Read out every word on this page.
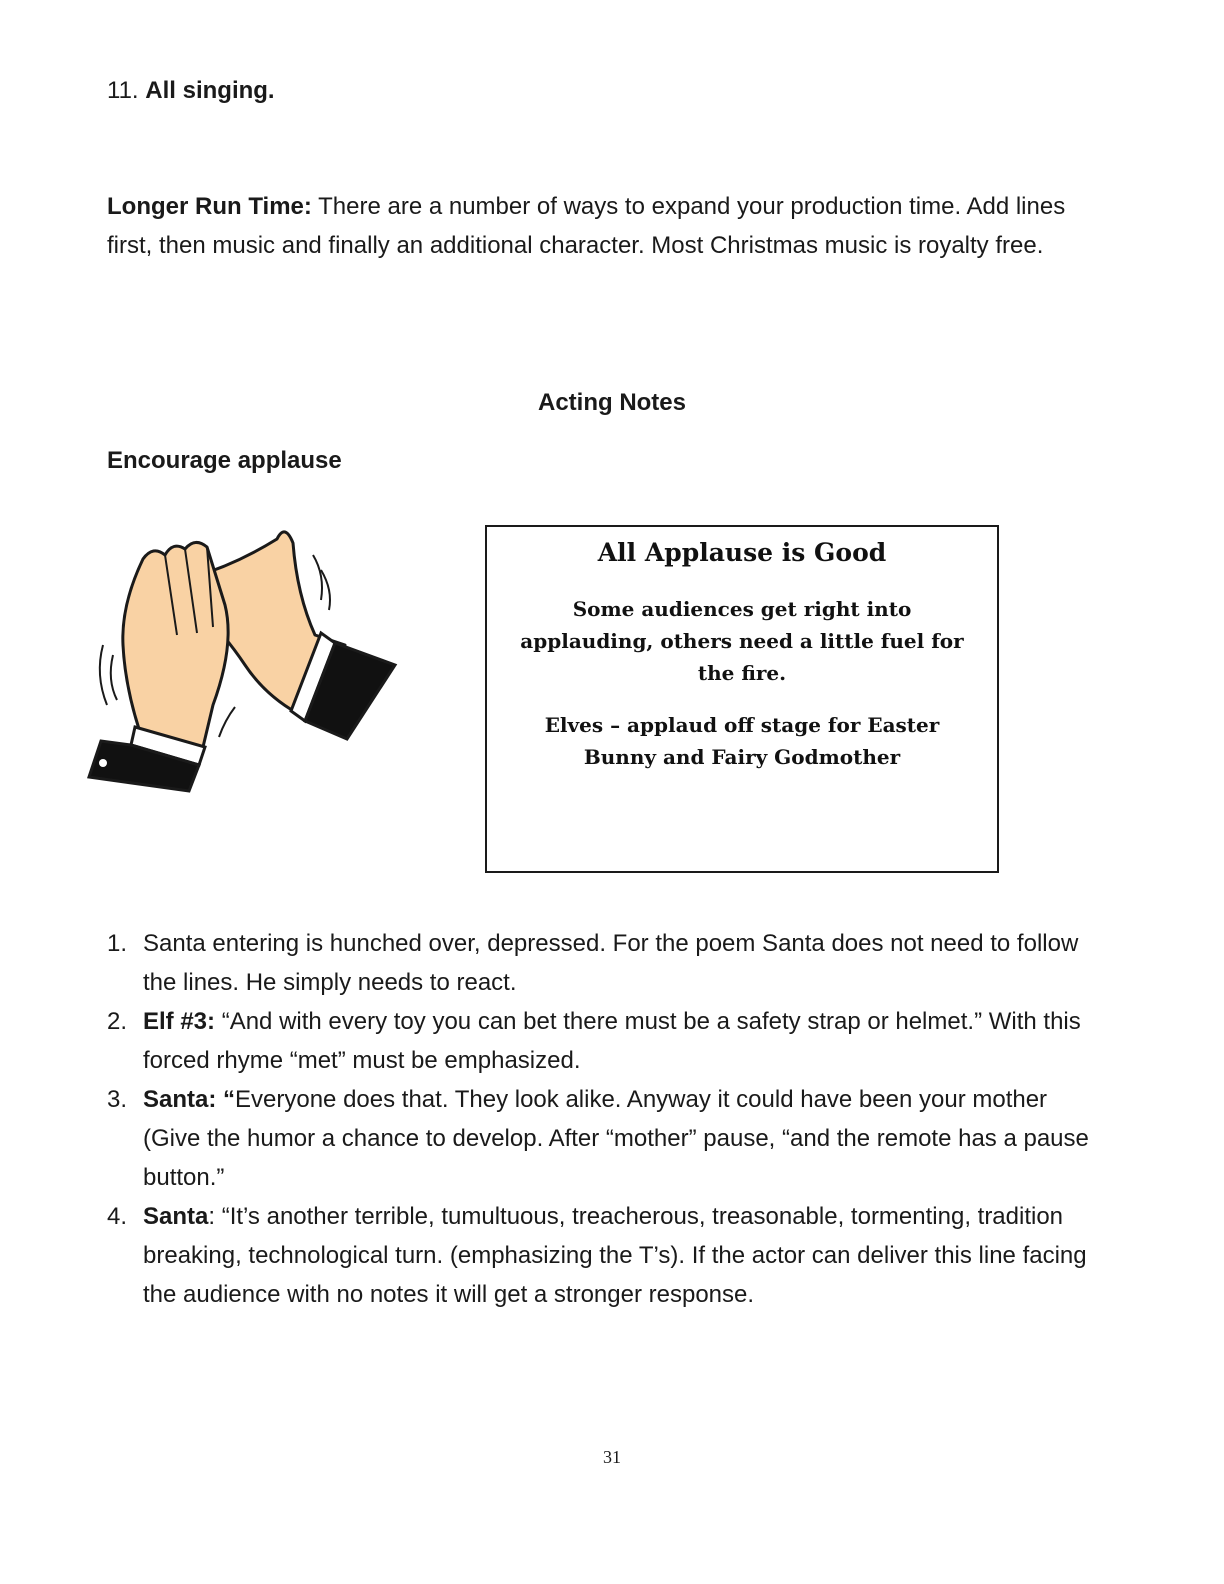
11. All singing.
Longer Run Time: There are a number of ways to expand your production time. Add lines first, then music and finally an additional character. Most Christmas music is royalty free.
Acting Notes
Encourage applause
All Applause is Good
Some audiences get right into applauding, others need a little fuel for the fire.
Elves – applaud off stage for Easter Bunny and Fairy Godmother
1. Santa entering is hunched over, depressed. For the poem Santa does not need to follow the lines. He simply needs to react.
2. Elf #3: “And with every toy you can bet there must be a safety strap or helmet.” With this forced rhyme “met” must be emphasized.
3. Santa: “Everyone does that. They look alike. Anyway it could have been your mother (Give the humor a chance to develop. After “mother” pause, “and the remote has a pause button.”
4. Santa: “It’s another terrible, tumultuous, treacherous, treasonable, tormenting, tradition breaking, technological turn. (emphasizing the T’s). If the actor can deliver this line facing the audience with no notes it will get a stronger response.
31
